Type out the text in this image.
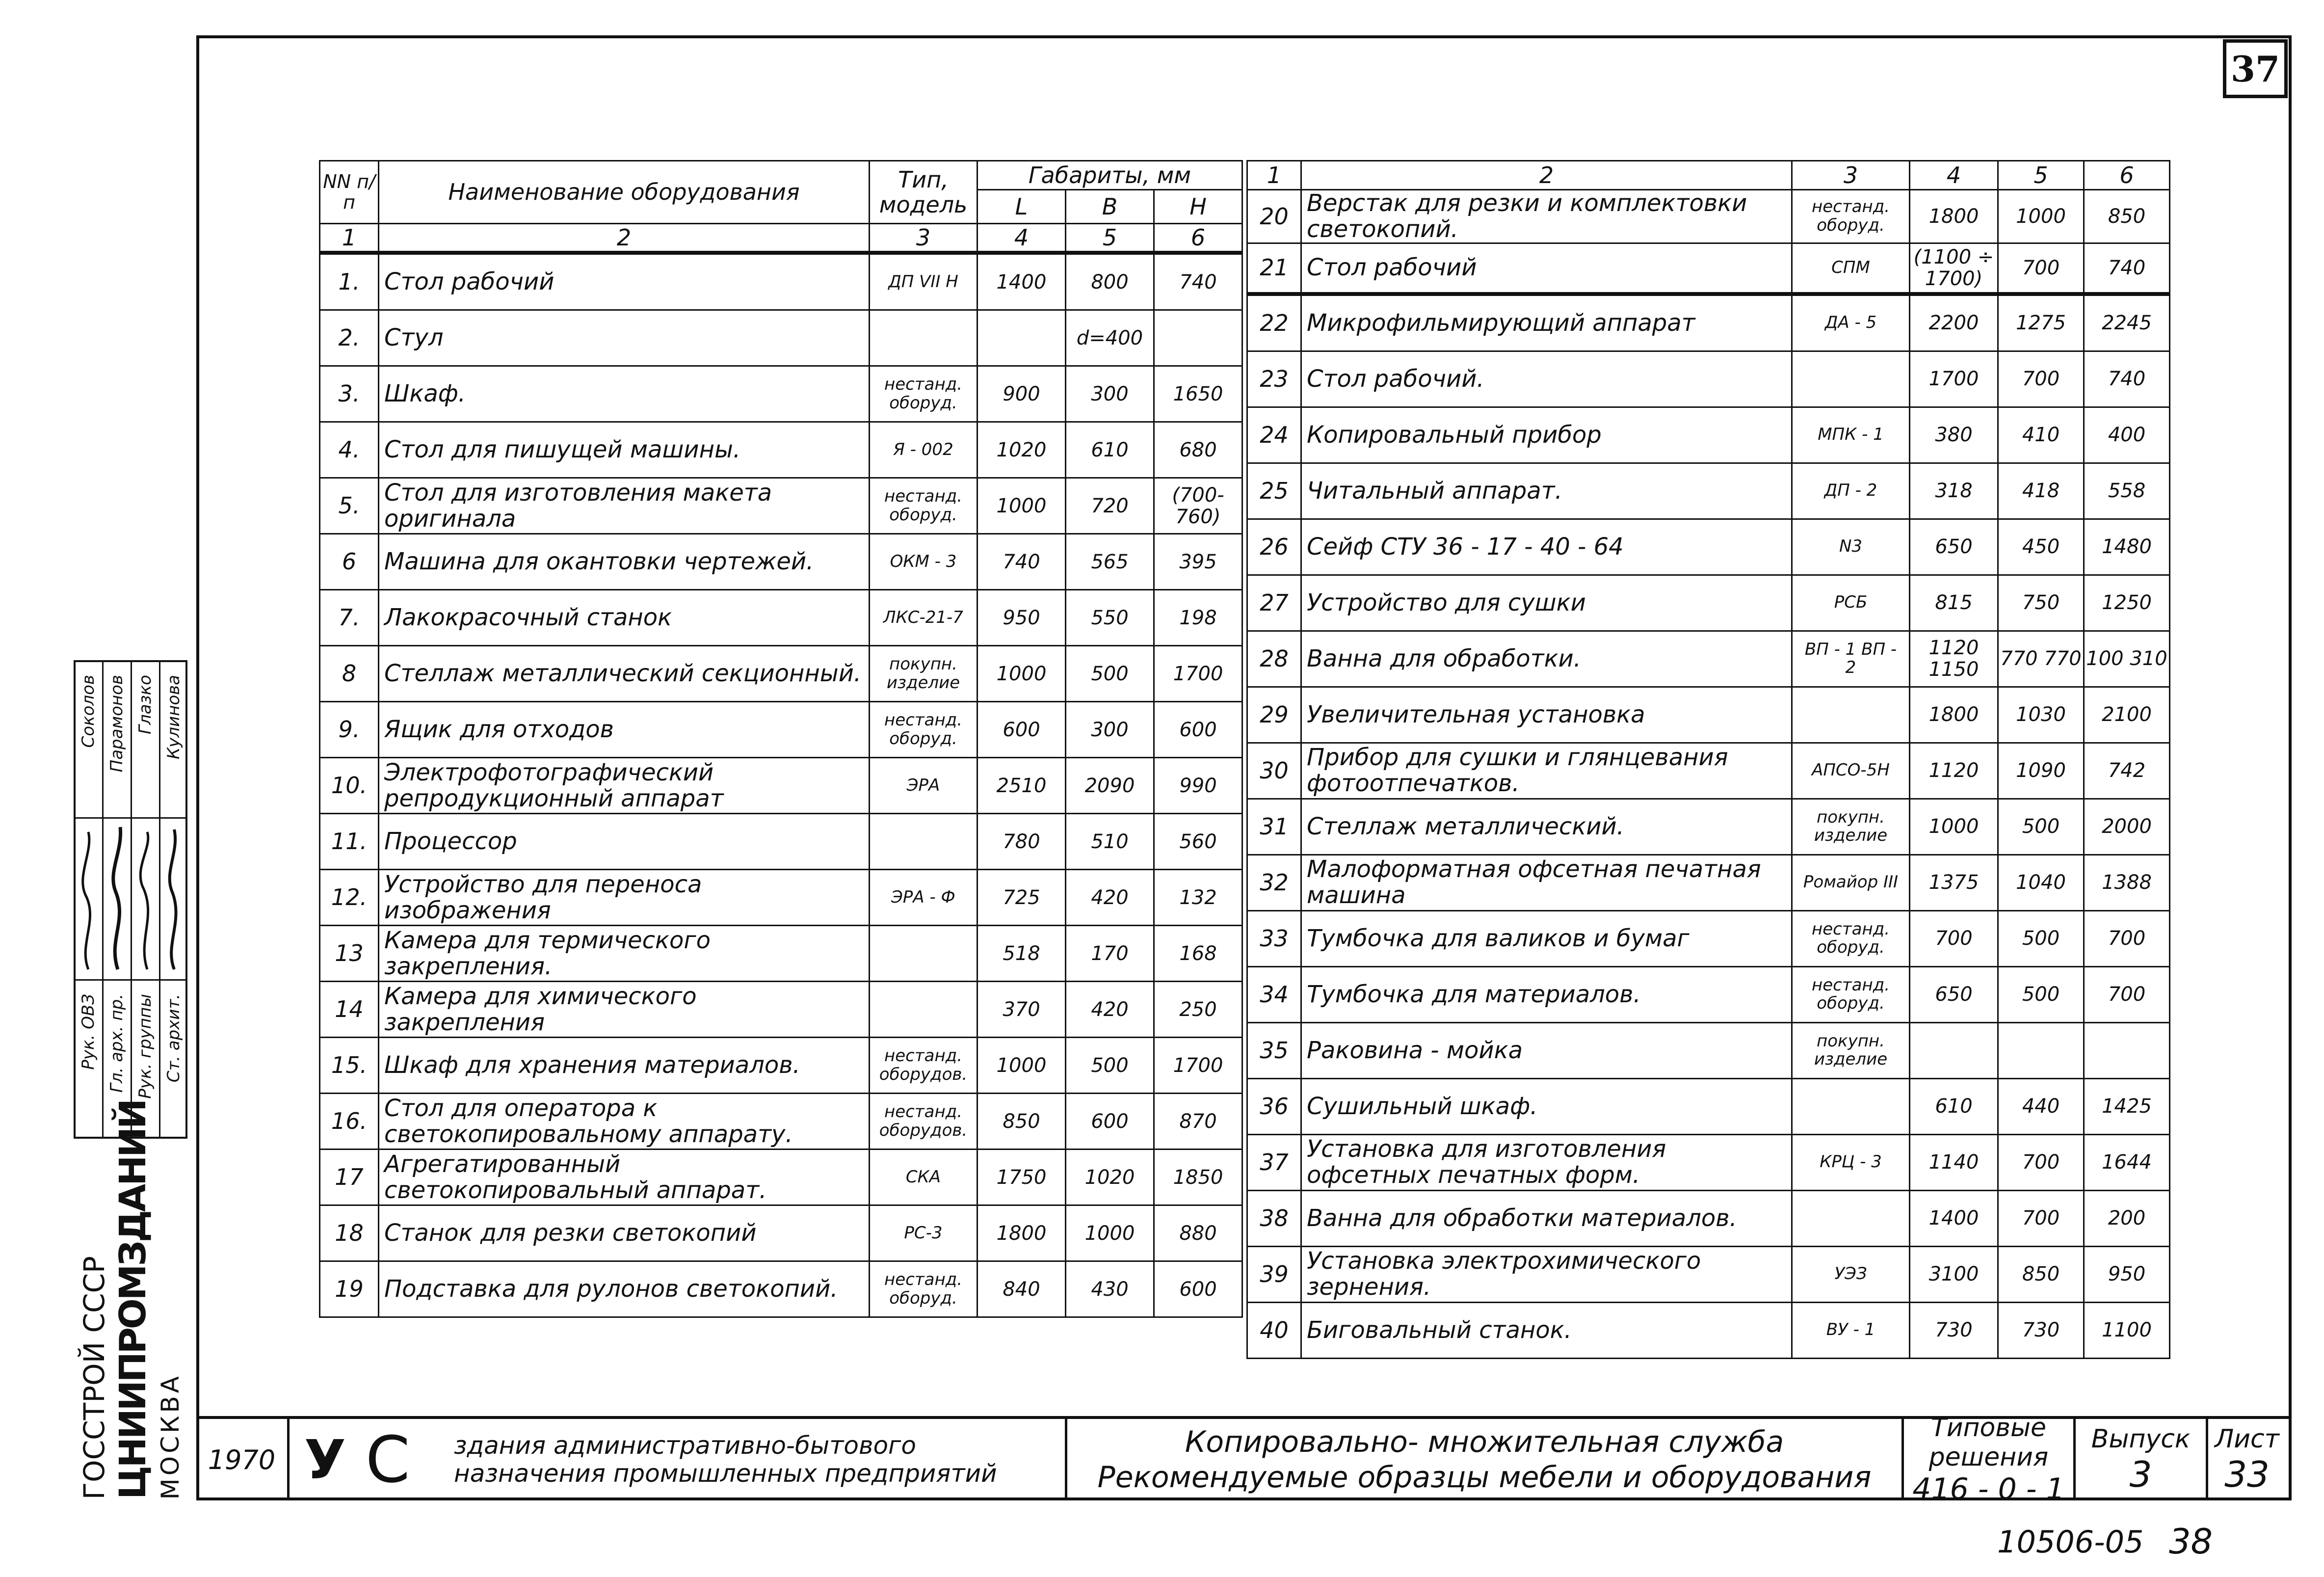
37
NN п/п	Наименование оборудования	Тип, модель	Габариты, мм		
			L	B	H
1	2	3	4	5	6
1.	Стол рабочий	ДП VII Н	1400	800	740
2.	Стул			d=400	
3.	Шкаф.	нестанд. оборуд.	900	300	1650
4.	Стол для пишущей машины.	Я - 002	1020	610	680
5.	Стол для изготовления макета оригинала	нестанд. оборуд.	1000	720	(700-760)
6	Машина для окантовки чертежей.	ОКМ - 3	740	565	395
7.	Лакокрасочный станок	ЛКС-21-7	950	550	198
8	Стеллаж металлический секционный.	покупн. изделие	1000	500	1700
9.	Ящик для отходов	нестанд. оборуд.	600	300	600
10.	Электрофотографический репродукционный аппарат	ЭРА	2510	2090	990
11.	Процессор		780	510	560
12.	Устройство для переноса изображения	ЭРА - Ф	725	420	132
13	Камера для термического закрепления.		518	170	168
14	Камера для химического закрепления		370	420	250
15.	Шкаф для хранения материалов.	нестанд. оборудов.	1000	500	1700
16.	Стол для оператора к светокопировальному аппарату.	нестанд. оборудов.	850	600	870
17	Агрегатированный светокопировальный аппарат.	СКА	1750	1020	1850
18	Станок для резки светокопий	РС-3	1800	1000	880
19	Подставка для рулонов светокопий.	нестанд. оборуд.	840	430	600
1	2	3	4	5	6
20	Верстак для резки и комплектовки светокопий.	нестанд. оборуд.	1800	1000	850
21	Стол рабочий	СПМ	(1100 ÷ 1700)	700	740
22	Микрофильмирующий аппарат	ДА - 5	2200	1275	2245
23	Стол рабочий.		1700	700	740
24	Копировальный прибор	МПК - 1	380	410	400
25	Читальный аппарат.	ДП - 2	318	418	558
26	Сейф СТУ 36 - 17 - 40 - 64	N3	650	450	1480
27	Устройство для сушки	РСБ	815	750	1250
28	Ванна для обработки.	ВП - 1 ВП - 2	1120 1150	770 770	100 310
29	Увеличительная установка		1800	1030	2100
30	Прибор для сушки и глянцевания фотоотпечатков.	АПСО-5Н	1120	1090	742
31	Стеллаж металлический.	покупн. изделие	1000	500	2000
32	Малоформатная офсетная печатная машина	Ромайор III	1375	1040	1388
33	Тумбочка для валиков и бумаг	нестанд. оборуд.	700	500	700
34	Тумбочка для материалов.	нестанд. оборуд.	650	500	700
35	Раковина - мойка	покупн. изделие			
36	Сушильный шкаф.		610	440	1425
37	Установка для изготовления офсетных печатных форм.	КРЦ - 3	1140	700	1644
38	Ванна для обработки материалов.		1400	700	200
39	Установка электрохимического зернения.	УЭЗ	3100	850	950
40	Биговальный станок.	ВУ - 1	730	730	1100
Рук. ОВЗ Гл. арх. пр. Рук. группы Ст. архит.
Соколов Парамонов Глазко Кулинова
ГОССТРОЙ СССР ЦНИИПРОМЗДАНИЙ МОСКВА 1970 У С	здания административно-бытового назначения промышленных предприятий
Копировально- множительная служба
Рекомендуемые образцы мебели и оборудования
Типовые решения
416 - 0 - 1
Выпуск
3
Лист
33
10506-05 38
